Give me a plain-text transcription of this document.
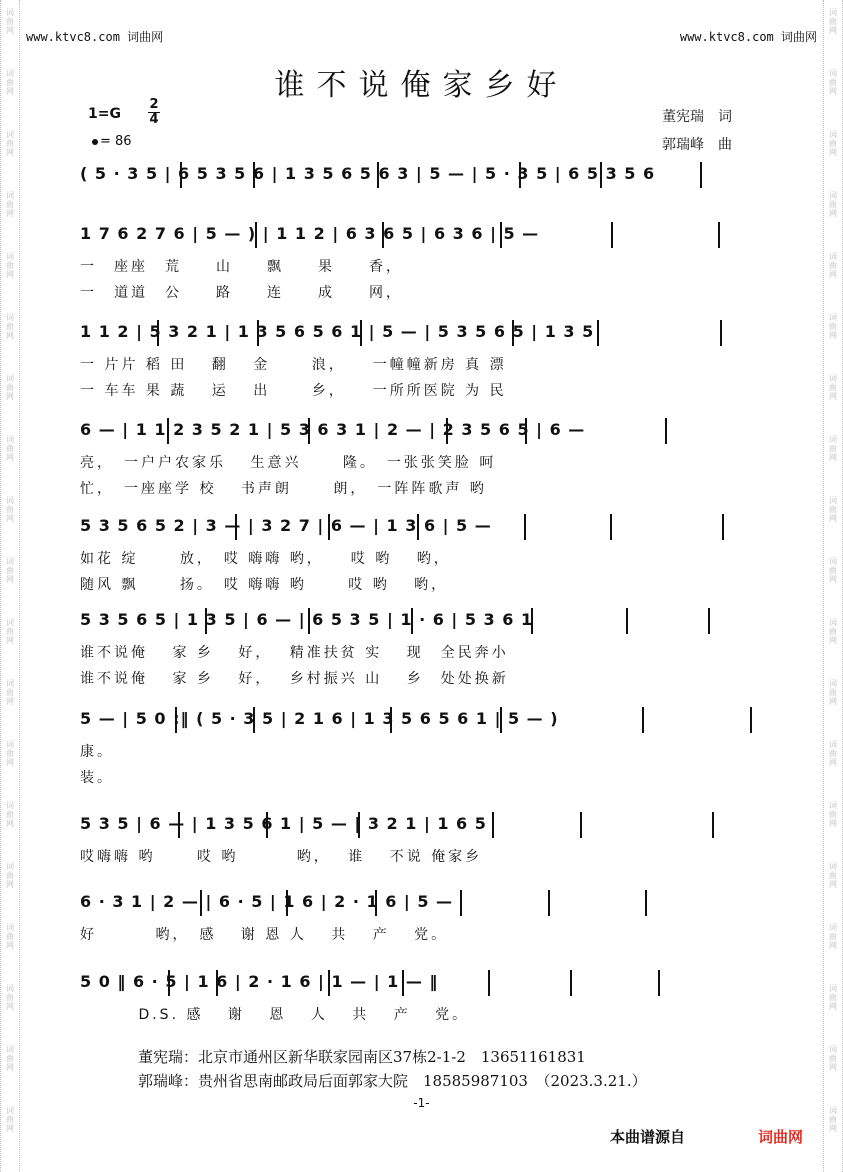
词
曲
网
词
曲
网
词
曲
网
词
曲
网
词
曲
网
词
曲
网
词
曲
网
词
曲
网
词
曲
网
词
曲
网
词
曲
网
词
曲
网
词
曲
网
词
曲
网
词
曲
网
词
曲
网
词
曲
网
词
曲
网
词
曲
网
词
曲
网
词
曲
网
词
曲
网
词
曲
网
词
曲
网
词
曲
网
词
曲
网
词
曲
网
词
曲
网
词
曲
网
词
曲
网
词
曲
网
词
曲
网
词
曲
网
词
曲
网
词
曲
网
词
曲
网
词
曲
网
词
曲
网
www.ktvc8.com 词曲网	www.ktvc8.com 词曲网
谁不说俺家乡好
1=G
2
4
= 86
董宪瑞　词
郭瑞峰　曲
( 5 · 3 5 | 6 5 3 5 6 | 1 3 5 6 5 6 3 | 5 — | 5 · 3 5 | 6 5 3 5 6
1 7 6 2 7 6 | 5 — ) | 1 1 2 | 6 3 6 5 | 6 3 6 | 5 —
一　座座　荒　　山　　飘　　果　　香，
一　道道　公　　路　　连　　成　　网，
1 1 2 | 5 3 2 1 | 1 3 5 6 5 6 1 | 5 — | 5 3 5 6 5 | 1 3 5
一 片片 稻 田 　翻 　金 　　浪，　　一幢幢新房 真 漂
一 车车 果 蔬 　运 　出 　　乡，　　一所所医院 为 民
6 — | 1 1 2 3 5 2 1 | 5 3 6 3 1 | 2 — | 2 3 5 6 5 | 6 —
亮，　一户户农家乐　 生意兴　　 隆。　一张张笑脸 呵
忙，　一座座学 校　 书声朗　　 朗，　一阵阵歌声 哟
5 3 5 6 5 2 | 3 — | 3 2 7 | 6 — | 1 3 6 | 5 —
如花 绽　　 放，　哎 嗨嗨 哟，　　哎 哟　 哟，
随风 飘　　 扬。　哎 嗨嗨 哟　　 哎 哟　 哟，
5 3 5 6 5 | 1 3 5 | 6 — | 6 5 3 5 | 1 · 6 | 5 3 6 1
谁不说俺　 家 乡　 好，　 精准扶贫 实　 现　全民奔小
谁不说俺　 家 乡　 好，　 乡村振兴 山　 乡　处处换新
5 — | 5 0 :‖ ( 5 · 3 5 | 2 1 6 | 1 3 5 6 5 6 1 | 5 — )
康。
装。
5 3 5 | 6 — | 1 3 5 6 1 | 5 — | 3 2 1 | 1 6 5
哎嗨嗨 哟　　 哎 哟　　　 哟，　 谁　 不说 俺家乡
6 · 3 1 | 2 — | 6 · 5 | 1 6 | 2 · 1 6 | 5 —
好　　　 哟，　感　 谢 恩 人　 共　 产　 党。
5 0 ‖ 6 · 5 | 1 6 | 2 · 1 6 | 1 — | 1 — ‖
　　　 D.S. 感　 谢　 恩　 人　 共　 产　 党。
董宪瑞：北京市通州区新华联家园南区37栋2-1-2　13651161831
郭瑞峰：贵州省思南邮政局后面郭家大院　18585987103　（2023.3.21.）
-1-
本曲谱源自	词曲网
